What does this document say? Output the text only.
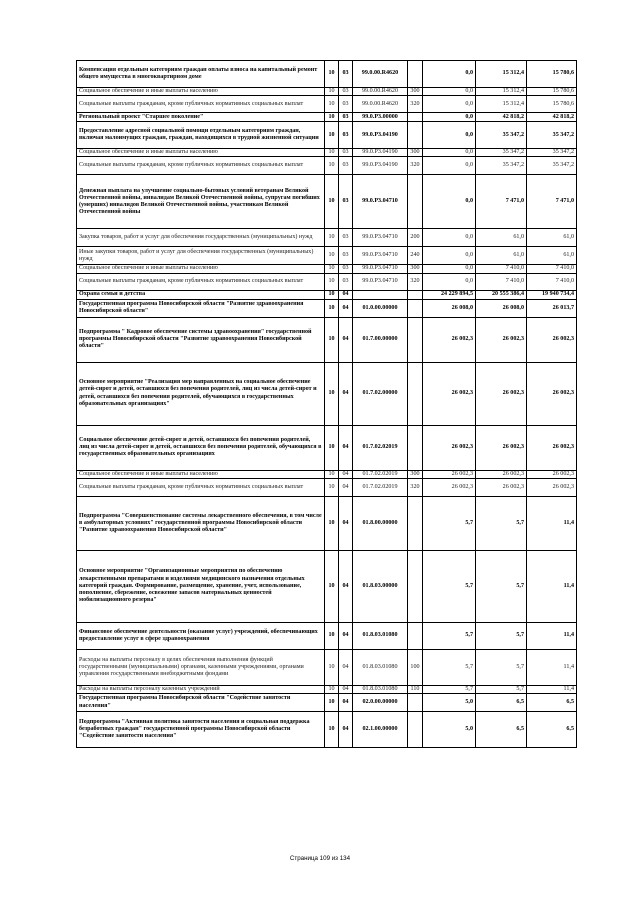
Компенсация отдельным категориям граждан оплаты взноса на капитальный ремонт общего имущества в многоквартирном доме	10	03	99.0.00.R4620		0,0	15 312,4	15 780,6
Социальное обеспечение и иные выплаты населению	10	03	99.0.00.R4620	300	0,0	15 312,4	15 780,6
Социальные выплаты гражданам, кроме публичных нормативных социальных выплат	10	03	99.0.00.R4620	320	0,0	15 312,4	15 780,6
Региональный проект "Старшее поколение"	10	03	99.0.P3.00000		0,0	42 818,2	42 818,2
Предоставление адресной социальной помощи отдельным категориям граждан, включая малоимущих граждан, граждан, находящихся в трудной жизненной ситуации	10	03	99.0.P3.04190		0,0	35 347,2	35 347,2
Социальное обеспечение и иные выплаты населению	10	03	99.0.P3.04190	300	0,0	35 347,2	35 347,2
Социальные выплаты гражданам, кроме публичных нормативных социальных выплат	10	03	99.0.P3.04190	320	0,0	35 347,2	35 347,2
Денежная выплата на улучшение социально-бытовых условий ветеранам Великой Отечественной войны, инвалидам Великой Отечественной войны, супругам погибших (умерших) инвалидов Великой Отечественной войны, участникам Великой Отечественной войны	10	03	99.0.P3.04710		0,0	7 471,0	7 471,0
Закупка товаров, работ и услуг для обеспечения государственных (муниципальных) нужд	10	03	99.0.P3.04710	200	0,0	61,0	61,0
Иные закупки товаров, работ и услуг для обеспечения государственных (муниципальных) нужд	10	03	99.0.P3.04710	240	0,0	61,0	61,0
Социальное обеспечение и иные выплаты населению	10	03	99.0.P3.04710	300	0,0	7 410,0	7 410,0
Социальные выплаты гражданам, кроме публичных нормативных социальных выплат	10	03	99.0.P3.04710	320	0,0	7 410,0	7 410,0
Охрана семьи и детства	10	04			24 229 894,5	20 555 386,4	19 940 734,4
Государственная программа Новосибирской области "Развитие здравоохранения Новосибирской области"	10	04	01.0.00.00000		26 008,0	26 008,0	26 013,7
Подпрограмма " Кадровое обеспечение системы здравоохранения" государственной программы Новосибирской области "Развитие здравоохранения Новосибирской области"	10	04	01.7.00.00000		26 002,3	26 002,3	26 002,3
Основное мероприятие "Реализация мер направленных на социальное обеспечение детей-сирот и детей, оставшихся без попечения родителей, лиц из числа детей-сирот и детей, оставшихся без попечения родителей, обучающихся в государственных образовательных организациях"	10	04	01.7.02.00000		26 002,3	26 002,3	26 002,3
Социальное обеспечение детей-сирот и детей, оставшихся без попечения родителей, лиц из числа детей-сирот и детей, оставшихся без попечения родителей, обучающихся в государственных образовательных организациях	10	04	01.7.02.02019		26 002,3	26 002,3	26 002,3
Социальное обеспечение и иные выплаты населению	10	04	01.7.02.02019	300	26 002,3	26 002,3	26 002,3
Социальные выплаты гражданам, кроме публичных нормативных социальных выплат	10	04	01.7.02.02019	320	26 002,3	26 002,3	26 002,3
Подпрограмма "Совершенствование системы лекарственного обеспечения, в том числе в амбулаторных условиях" государственной программы Новосибирской области "Развитие здравоохранения Новосибирской области"	10	04	01.8.00.00000		5,7	5,7	11,4
Основное мероприятие "Организационные мероприятия по обеспечению лекарственными препаратами и изделиями медицинского назначения отдельных категорий граждан. Формирование, размещение, хранение, учет, использование, пополнение, сбережение, освежение запасов материальных ценностей мобилизационного резерва"	10	04	01.8.03.00000		5,7	5,7	11,4
Финансовое обеспечение деятельности (оказание услуг) учреждений, обеспечивающих предоставление услуг в сфере здравоохранения	10	04	01.8.03.01080		5,7	5,7	11,4
Расходы на выплаты персоналу в целях обеспечения выполнения функций государственными (муниципальными) органами, казенными учреждениями, органами управления государственными внебюджетными фондами	10	04	01.8.03.01080	100	5,7	5,7	11,4
Расходы на выплаты персоналу казенных учреждений	10	04	01.8.03.01080	110	5,7	5,7	11,4
Государственная программа Новосибирской области "Содействие занятости населения"	10	04	02.0.00.00000		5,0	6,5	6,5
Подпрограмма "Активная политика занятости населения и социальная поддержка безработных граждан" государственной программы Новосибирской области "Содействие занятости населения"	10	04	02.1.00.00000		5,0	6,5	6,5
Страница 109 из 134
